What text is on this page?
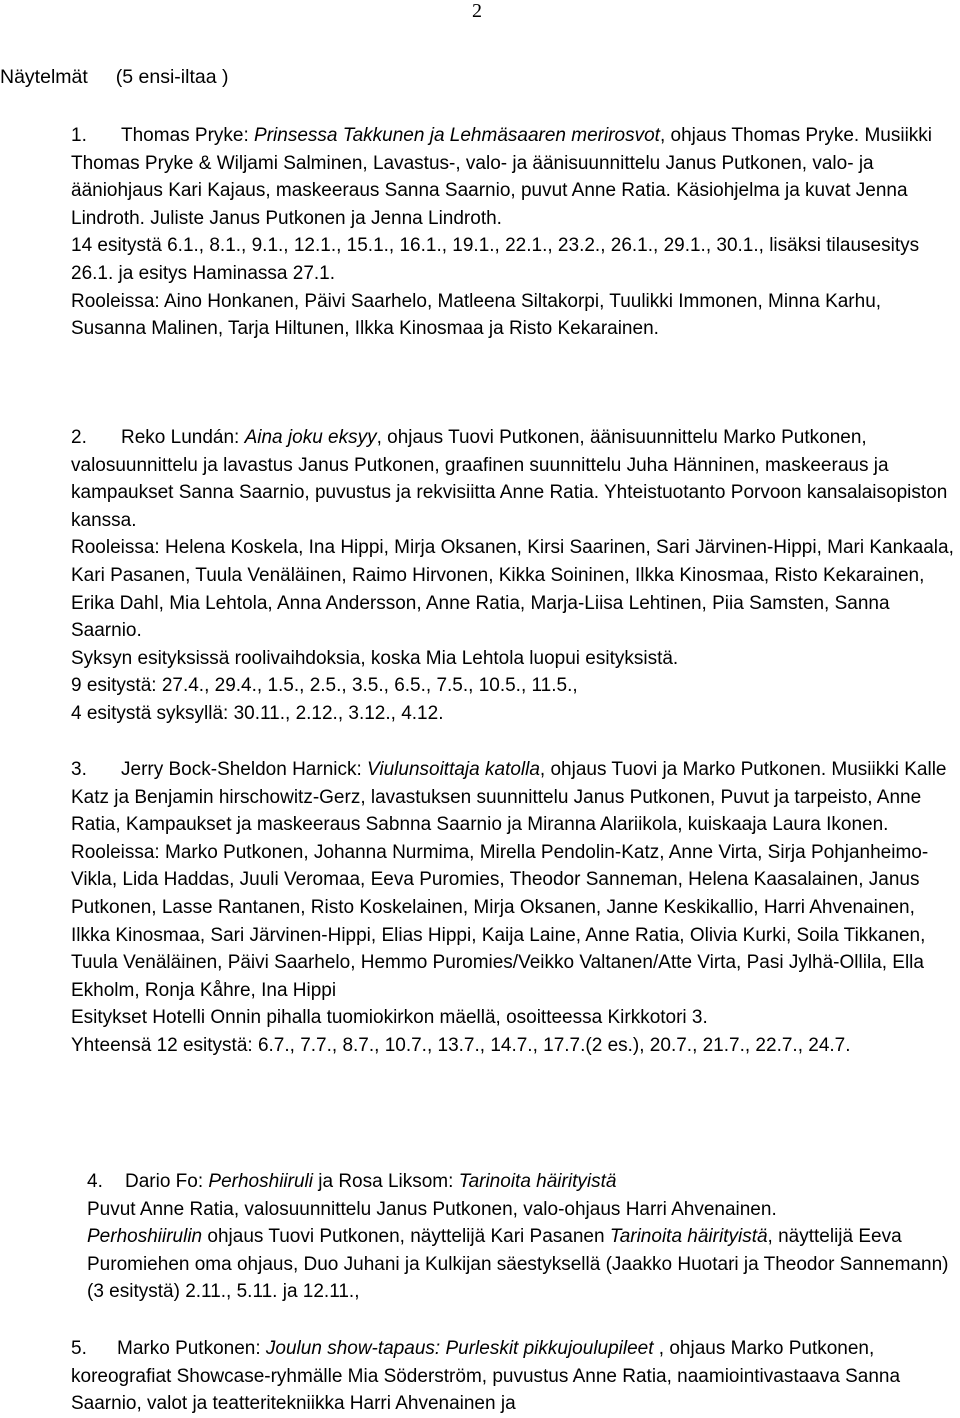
2
Näytelmät (5 ensi-iltaa )

1. Thomas Pryke: Prinsessa Takkunen ja Lehmäsaaren merirosvot, ohjaus Thomas Pryke. Musiikki Thomas Pryke & Wiljami Salminen, Lavastus-, valo- ja äänisuunnittelu Janus Putkonen, valo- ja ääniohjaus Kari Kajaus, maskeeraus Sanna Saarnio, puvut Anne Ratia. Käsiohjelma ja kuvat Jenna Lindroth. Juliste Janus Putkonen ja Jenna Lindroth.

14 esitystä 6.1., 8.1., 9.1., 12.1., 15.1., 16.1., 19.1., 22.1., 23.2., 26.1., 29.1., 30.1., lisäksi tilausesitys 26.1. ja esitys Haminassa 27.1.

Rooleissa: Aino Honkanen, Päivi Saarhelo, Matleena Siltakorpi, Tuulikki Immonen, Minna Karhu, Susanna Malinen, Tarja Hiltunen, Ilkka Kinosmaa ja Risto Kekarainen.

2. Reko Lundán: Aina joku eksyy, ohjaus Tuovi Putkonen, äänisuunnittelu Marko Putkonen, valosuunnittelu ja lavastus Janus Putkonen, graafinen suunnittelu Juha Hänninen, maskeeraus ja kampaukset Sanna Saarnio, puvustus ja rekvisiitta Anne Ratia. Yhteistuotanto Porvoon kansalaisopiston kanssa.

Rooleissa: Helena Koskela, Ina Hippi, Mirja Oksanen, Kirsi Saarinen, Sari Järvinen-Hippi, Mari Kankaala, Kari Pasanen, Tuula Venäläinen, Raimo Hirvonen, Kikka Soininen, Ilkka Kinosmaa, Risto Kekarainen, Erika Dahl, Mia Lehtola, Anna Andersson, Anne Ratia, Marja-Liisa Lehtinen, Piia Samsten, Sanna Saarnio.

Syksyn esityksissä roolivaihdoksia, koska Mia Lehtola luopui esityksistä.

9 esitystä: 27.4., 29.4., 1.5., 2.5., 3.5., 6.5., 7.5., 10.5., 11.5.,

4 esitystä syksyllä: 30.11., 2.12., 3.12., 4.12.

3. Jerry Bock-Sheldon Harnick: Viulunsoittaja katolla, ohjaus Tuovi ja Marko Putkonen. Musiikki Kalle Katz ja Benjamin hirschowitz-Gerz, lavastuksen suunnittelu Janus Putkonen, Puvut ja tarpeisto, Anne Ratia, Kampaukset ja maskeeraus Sabnna Saarnio ja Miranna Alariikola, kuiskaaja Laura Ikonen.

Rooleissa: Marko Putkonen, Johanna Nurmima, Mirella Pendolin-Katz, Anne Virta, Sirja Pohjanheimo-Vikla, Lida Haddas, Juuli Veromaa, Eeva Puromies, Theodor Sanneman, Helena Kaasalainen, Janus Putkonen, Lasse Rantanen, Risto Koskelainen, Mirja Oksanen, Janne Keskikallio, Harri Ahvenainen, Ilkka Kinosmaa, Sari Järvinen-Hippi, Elias Hippi, Kaija Laine, Anne Ratia, Olivia Kurki, Soila Tikkanen, Tuula Venäläinen, Päivi Saarhelo, Hemmo Puromies/Veikko Valtanen/Atte Virta, Pasi Jylhä-Ollila, Ella Ekholm, Ronja Kåhre, Ina Hippi

Esitykset Hotelli Onnin pihalla tuomiokirkon mäellä, osoitteessa Kirkkotori 3.

Yhteensä 12 esitystä: 6.7., 7.7., 8.7., 10.7., 13.7., 14.7., 17.7.(2 es.), 20.7., 21.7., 22.7., 24.7.

4. Dario Fo: Perhoshiiruli ja Rosa Liksom: Tarinoita häirityistä

Puvut Anne Ratia, valosuunnittelu Janus Putkonen, valo-ohjaus Harri Ahvenainen.

Perhoshiirulin ohjaus Tuovi Putkonen, näyttelijä Kari Pasanen Tarinoita häirityistä, näyttelijä Eeva Puromiehen oma ohjaus, Duo Juhani ja Kulkijan säestyksellä (Jaakko Huotari ja Theodor Sannemann) (3 esitystä) 2.11., 5.11. ja 12.11.,

5. Marko Putkonen: Joulun show-tapaus: Purleskit pikkujoulupileet , ohjaus Marko Putkonen, koreografiat Showcase-ryhmälle Mia Söderström, puvustus Anne Ratia, naamiointivastaava Sanna Saarnio, valot ja teatteritekniikka Harri Ahvenainen ja
